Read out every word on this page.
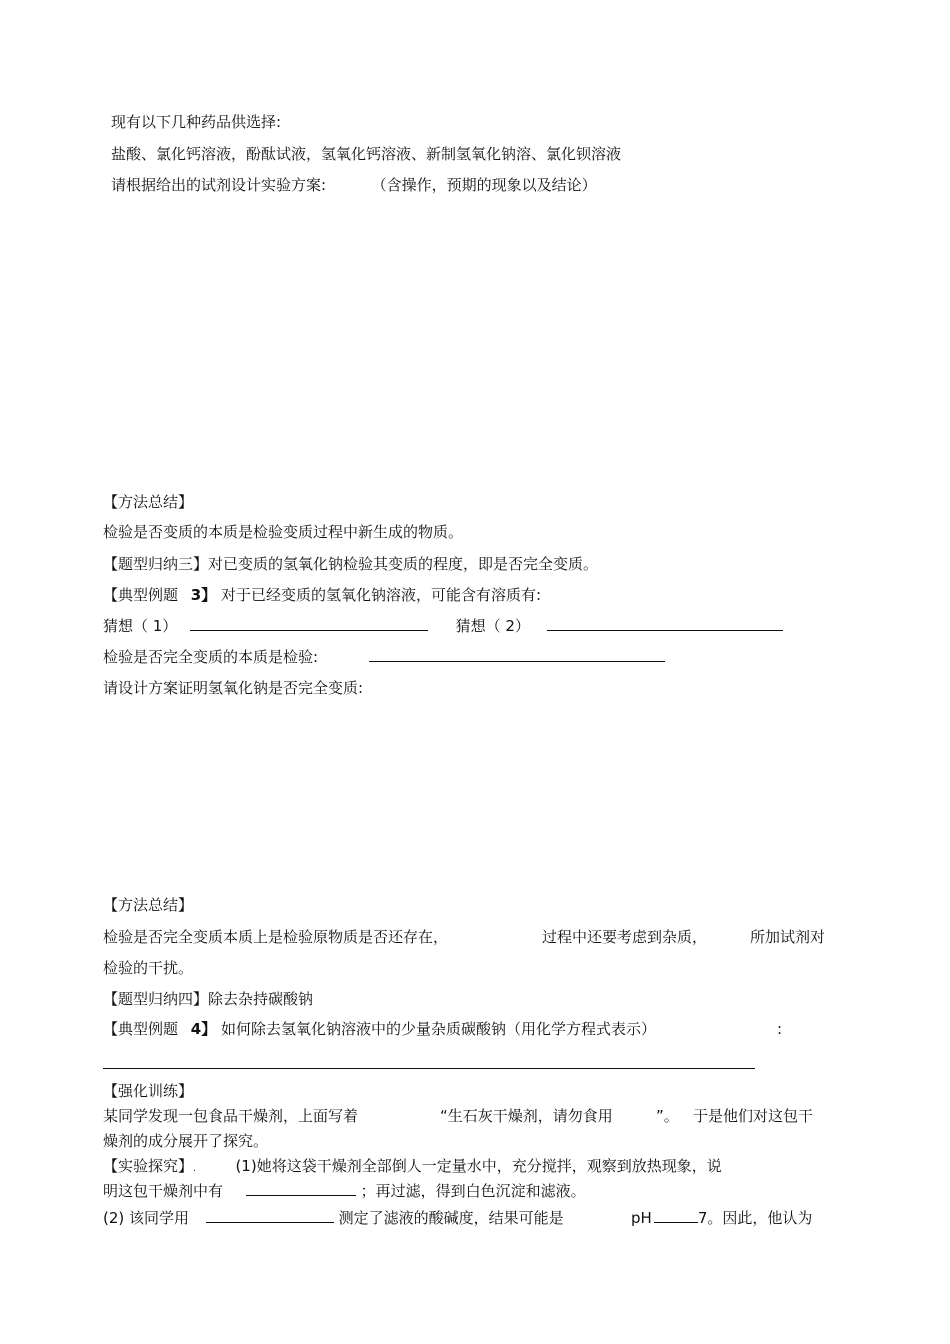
现有以下几种药品供选择:
盐酸、氯化钙溶液，酚酞试液，氢氧化钙溶液、新制氢氧化钠溶、氯化钡溶液
请根据给出的试剂设计实验方案:	（含操作，预期的现象以及结论）
【方法总结】
检验是否变质的本质是检验变质过程中新生成的物质。
【题型归纳三】对已变质的氢氧化钠检验其变质的程度，即是否完全变质。
【典型例题 3】 对于已经变质的氢氧化钠溶液，可能含有溶质有:
猜想（ 1）	猜想（ 2）
检验是否完全变质的本质是检验:
请设计方案证明氢氧化钠是否完全变质:
【方法总结】
检验是否完全变质本质上是检验原物质是否还存在，	过程中还要考虑到杂质，	所加试剂对
检验的干扰。
【题型归纳四】除去杂持碳酸钠
【典型例题 4】 如何除去氢氧化钠溶液中的少量杂质碳酸钠（用化学方程式表示）	:
【强化训练】
某同学发现一包食品干燥剂，上面写着	“生石灰干燥剂，请勿食用	”。 于是他们对这包干
燥剂的成分展开了探究。
【实验探究】.	(1)她将这袋干燥剂全部倒人一定量水中，充分搅拌，观察到放热现象，说
明这包干燥剂中有	；再过滤，得到白色沉淀和滤液。
(2) 该同学用	测定了滤液的酸碱度，结果可能是	pH	7。因此，他认为
